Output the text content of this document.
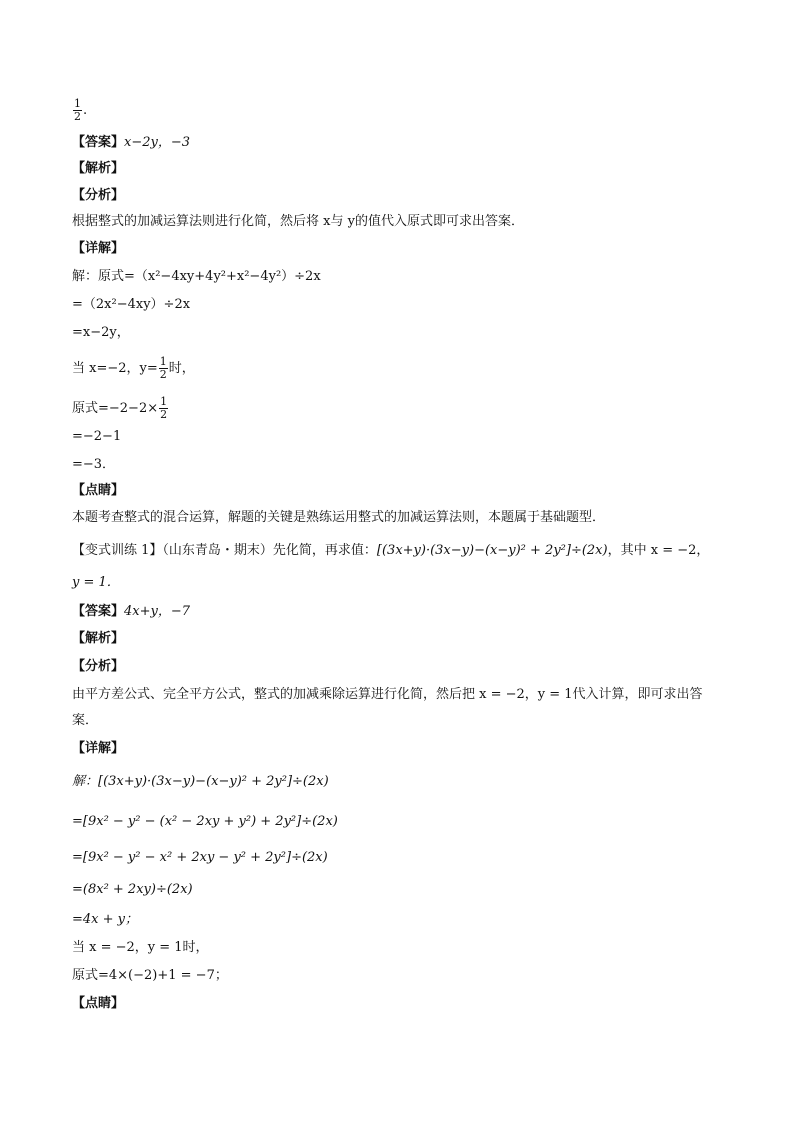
$\frac{1}{2}$ .
【答案】x−2y，−3
【解析】
【分析】
根据整式的加减运算法则进行化简，然后将 x与 y的值代入原式即可求出答案．
【详解】
解：原式=（x²−4xy+4y²+x²−4y²）÷2x
=（2x²−4xy）÷2x
=x−2y，
当 x=−2，$y= \frac{1}{2}$ 时，
原式$=-2-2\times \frac{1}{2}$
=−2−1
=−3．
【点睛】
本题考查整式的混合运算，解题的关键是熟练运用整式的加减运算法则，本题属于基础题型．
【变式训练 1】（山东青岛・期末）先化简，再求值：[(3x+y)·(3x−y)−(x−y)² + 2y²]÷(2x)，其中 x = −2，
y = 1．
【答案】4x+y，−7
【解析】
【分析】
由平方差公式、完全平方公式，整式的加减乘除运算进行化简，然后把 x = −2，y = 1代入计算，即可求出答
案．
【详解】
解：[(3x+y)·(3x−y)−(x−y)² + 2y²]÷(2x)
=[9x² − y² − (x² − 2xy + y²) + 2y²]÷(2x)
=[9x² − y² − x² + 2xy − y² + 2y²]÷(2x)
=(8x² + 2xy)÷(2x)
=4x + y；
当 x = −2，y = 1时，
原式=4×(−2)+1 = −7；
【点睛】
